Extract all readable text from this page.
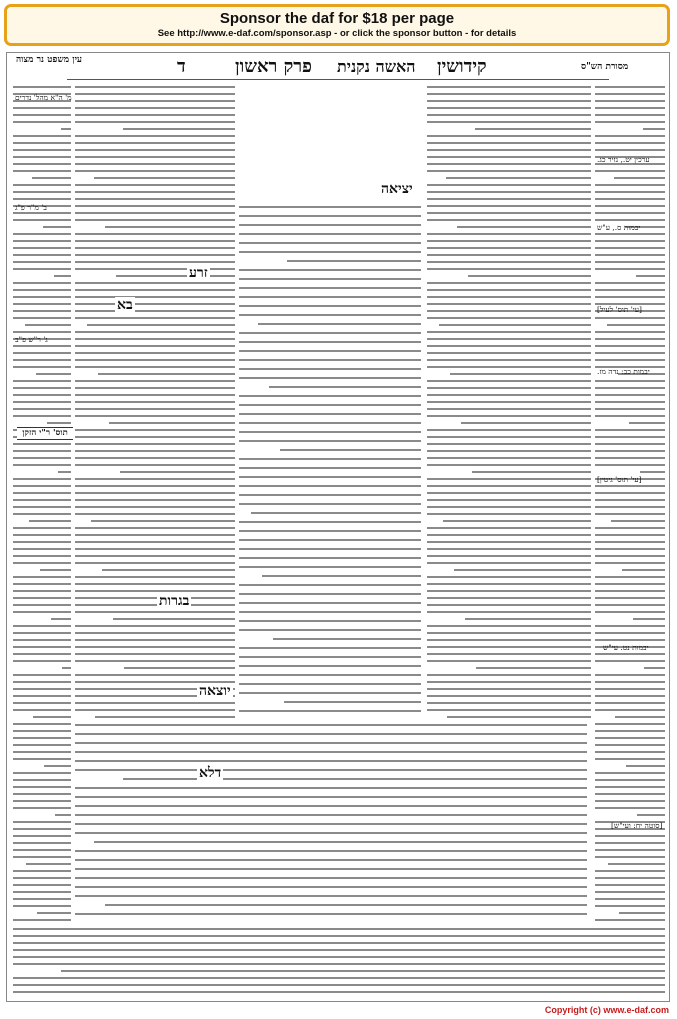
Sponsor the daf for $18 per page
See http://www.e-daf.com/sponsor.asp - or click the sponsor button - for details
קידושין
פרק ראשון
ד	האשה נקנית	מסורת הש"ס
עין משפט נר מצוה
יציאה
זרע
בא
בגרות
יוצאה
דלא
תוס' ר"י הזקן
ערכין יט., נזיר כג.
יבמות ס., ע"ש
[עי' תוס' לעיל]
יבמות כב: נדה מז.
[עי' תוס' גיטין]
יבמות נט. עי"ש
[סוטה יח: ועי"ש]
מ' ה"א מהל' נדרים
ב' מ"ר פ"ג
ג' ר"ש פ"ב
Copyright (c) www.e-daf.com
